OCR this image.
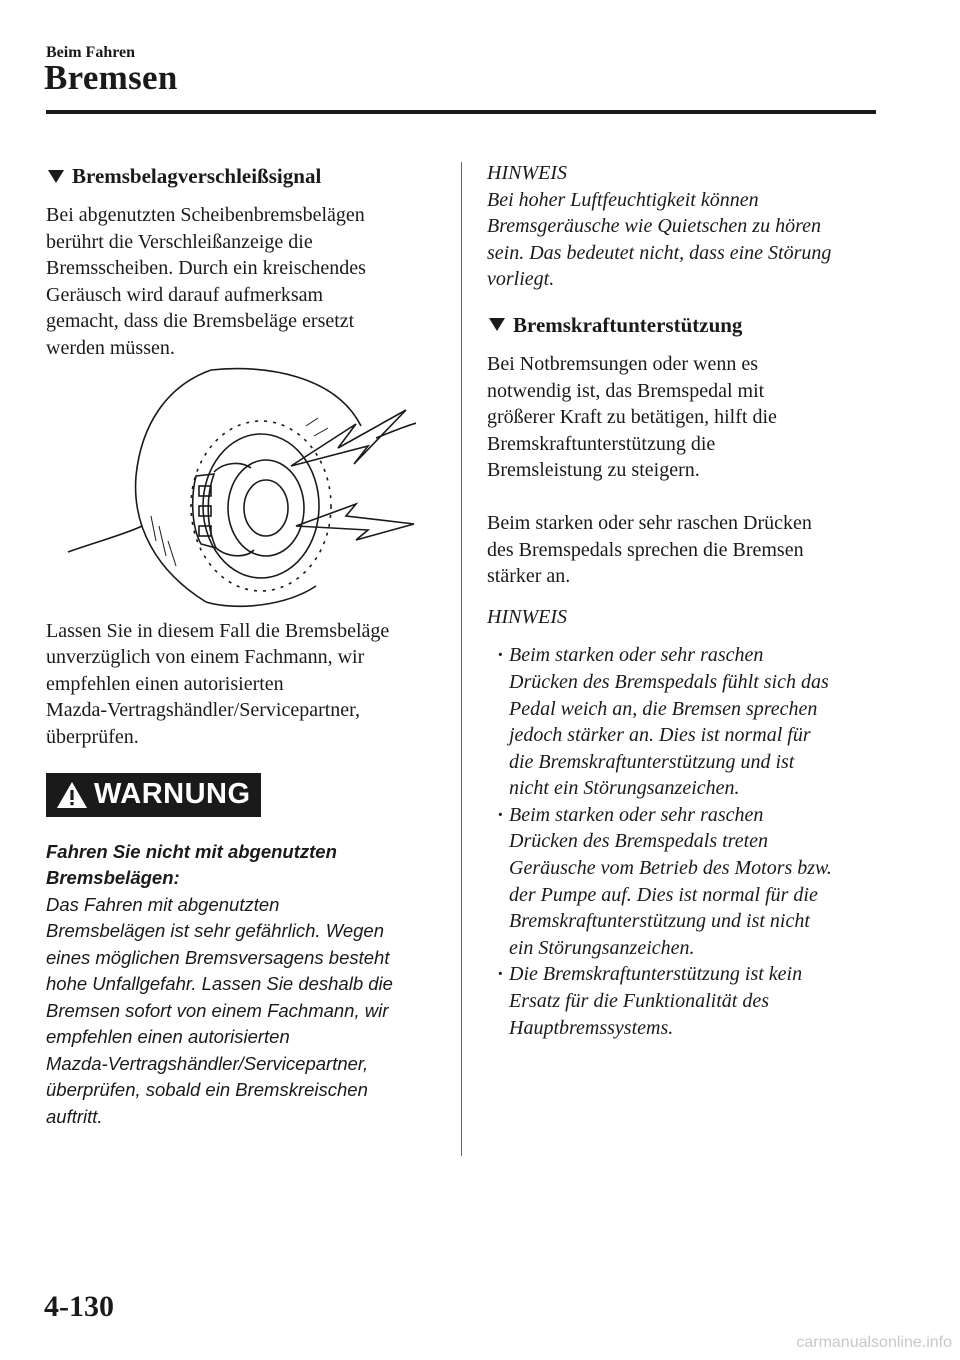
Beim Fahren
Bremsen
Bremsbelagverschleißsignal

Bei abgenutzten Scheibenbremsbelägen
berührt die Verschleißanzeige die
Bremsscheiben. Durch ein kreischendes
Geräusch wird darauf aufmerksam
gemacht, dass die Bremsbeläge ersetzt
werden müssen.

Lassen Sie in diesem Fall die Bremsbeläge
unverzüglich von einem Fachmann, wir
empfehlen einen autorisierten
Mazda-Vertragshändler/Servicepartner,
überprüfen.

WARNUNG

Fahren Sie nicht mit abgenutzten
Bremsbelägen:

Das Fahren mit abgenutzten
Bremsbelägen ist sehr gefährlich. Wegen
eines möglichen Bremsversagens besteht
hohe Unfallgefahr. Lassen Sie deshalb die
Bremsen sofort von einem Fachmann, wir
empfehlen einen autorisierten
Mazda-Vertragshändler/Servicepartner,
überprüfen, sobald ein Bremskreischen
auftritt.

HINWEIS
Bei hoher Luftfeuchtigkeit können
Bremsgeräusche wie Quietschen zu hören
sein. Das bedeutet nicht, dass eine Störung
vorliegt.

Bremskraftunterstützung

Bei Notbremsungen oder wenn es
notwendig ist, das Bremspedal mit
größerer Kraft zu betätigen, hilft die
Bremskraftunterstützung die
Bremsleistung zu steigern.

Beim starken oder sehr raschen Drücken
des Bremspedals sprechen die Bremsen
stärker an.

HINWEIS

· Beim starken oder sehr raschen
Drücken des Bremspedals fühlt sich das
Pedal weich an, die Bremsen sprechen
jedoch stärker an. Dies ist normal für
die Bremskraftunterstützung und ist
nicht ein Störungsanzeichen.
· Beim starken oder sehr raschen
Drücken des Bremspedals treten
Geräusche vom Betrieb des Motors bzw.
der Pumpe auf. Dies ist normal für die
Bremskraftunterstützung und ist nicht
ein Störungsanzeichen.
· Die Bremskraftunterstützung ist kein
Ersatz für die Funktionalität des
Hauptbremssystems.
4-130
carmanualsonline.info
